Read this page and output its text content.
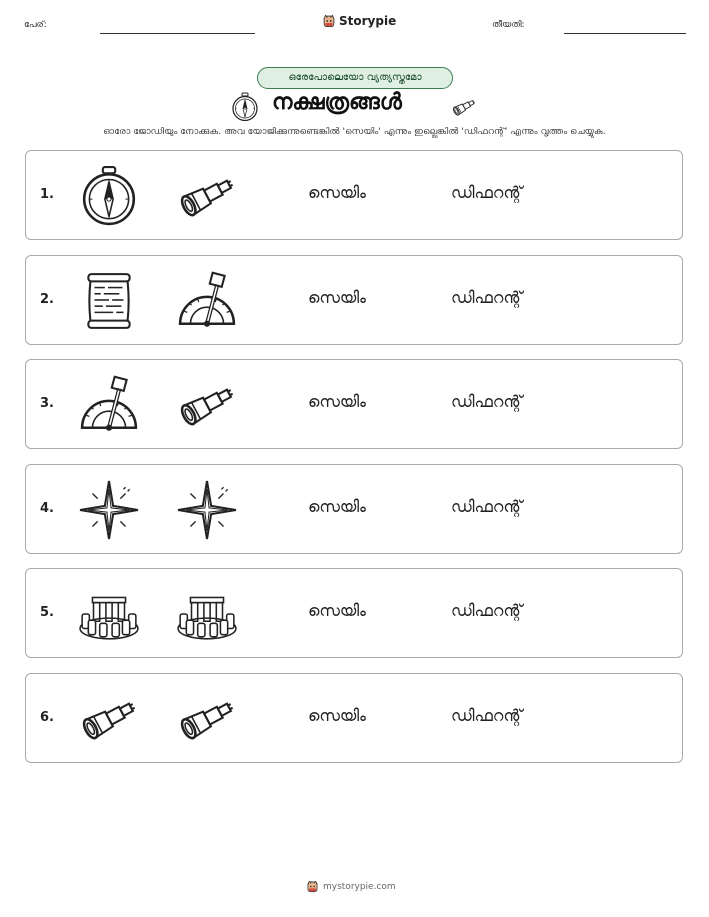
പേര്:	Storypie	തീയതി:
ഒരേപോലെയോ വ്യത്യസ്തമോ
നക്ഷത്രങ്ങൾ
ഓരോ ജോഡിയും നോക്കുക. അവ യോജിക്കുന്നുണ്ടെങ്കിൽ 'സെയിം' എന്നും ഇല്ലെങ്കിൽ 'ഡിഫറന്റ്' എന്നും വൃത്തം ചെയ്യുക.
1.	സെയിം	ഡിഫറന്റ്
2.	സെയിം	ഡിഫറന്റ്
3.	സെയിം	ഡിഫറന്റ്
4.	സെയിം	ഡിഫറന്റ്
5.	സെയിം	ഡിഫറന്റ്
6.	സെയിം	ഡിഫറന്റ്
mystorypie.com
